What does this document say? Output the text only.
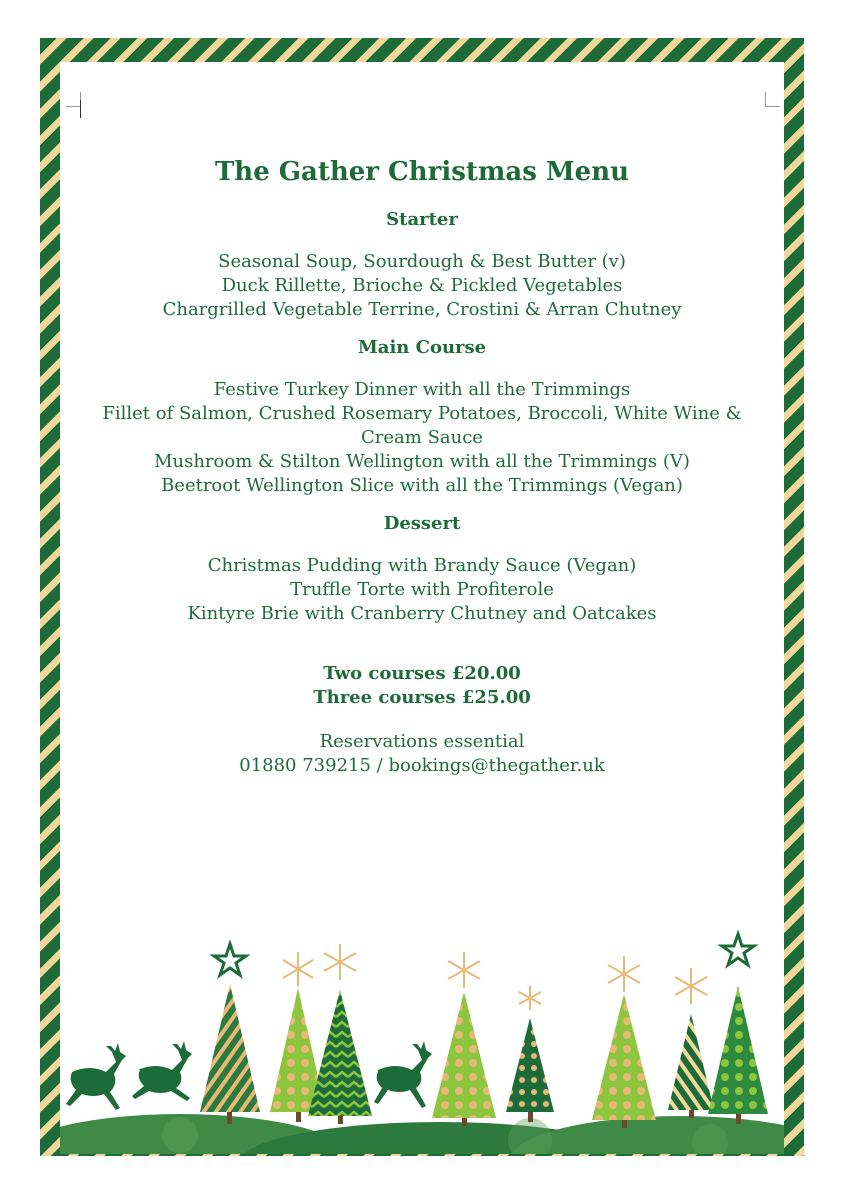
The Gather Christmas Menu
Starter
Seasonal Soup, Sourdough & Best Butter (v)
Duck Rillette, Brioche & Pickled Vegetables
Chargrilled Vegetable Terrine, Crostini & Arran Chutney
Main Course
Festive Turkey Dinner with all the Trimmings
Fillet of Salmon, Crushed Rosemary Potatoes, Broccoli, White Wine &
Cream Sauce
Mushroom & Stilton Wellington with all the Trimmings (V)
Beetroot Wellington Slice with all the Trimmings (Vegan)
Dessert
Christmas Pudding with Brandy Sauce (Vegan)
Truffle Torte with Profiterole
Kintyre Brie with Cranberry Chutney and Oatcakes
Two courses £20.00
Three courses £25.00
Reservations essential
01880 739215 / bookings@thegather.uk
